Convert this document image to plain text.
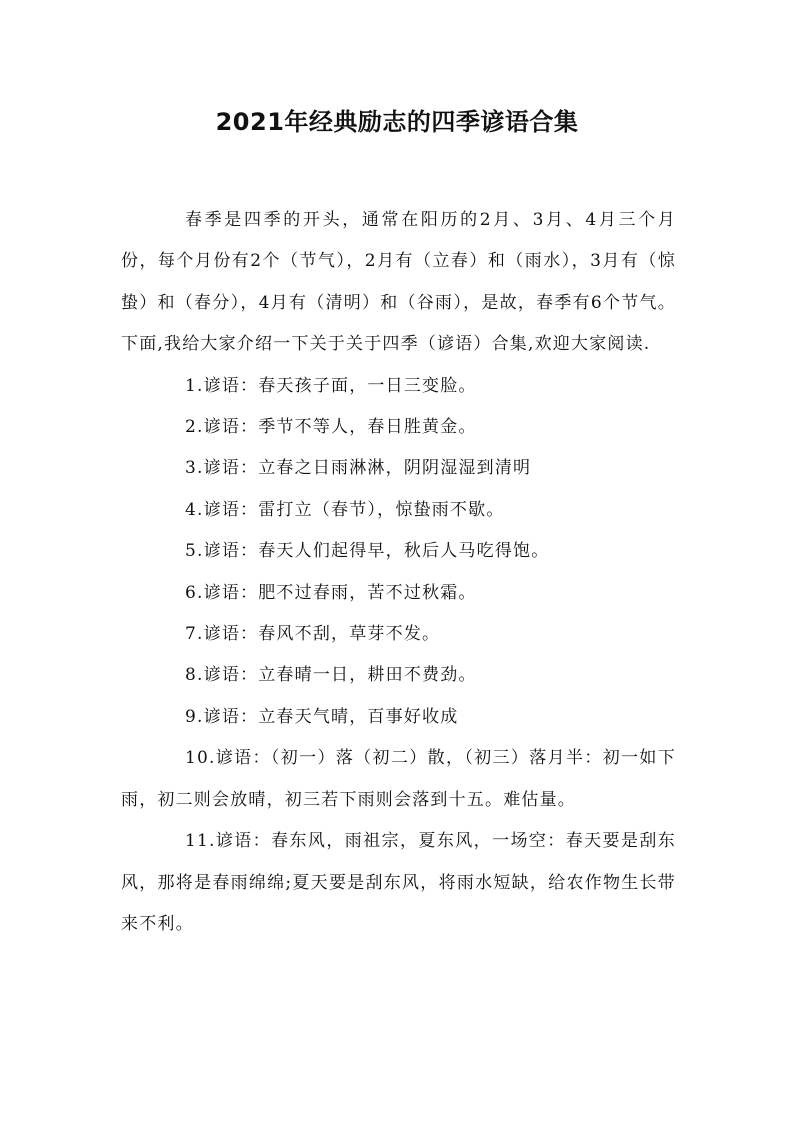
2021年经典励志的四季谚语合集

春季是四季的开头，通常在阳历的2月、3月、4月三个月份，每个月份有2个（节气），2月有（立春）和（雨水），3月有（惊蛰）和（春分），4月有（清明）和（谷雨），是故，春季有6个节气。下面,我给大家介绍一下关于关于四季（谚语）合集,欢迎大家阅读.

1.谚语：春天孩子面，一日三变脸。

2.谚语：季节不等人，春日胜黄金。

3.谚语：立春之日雨淋淋，阴阴湿湿到清明

4.谚语：雷打立（春节），惊蛰雨不歇。

5.谚语：春天人们起得早，秋后人马吃得饱。

6.谚语：肥不过春雨，苦不过秋霜。

7.谚语：春风不刮，草芽不发。

8.谚语：立春晴一日，耕田不费劲。

9.谚语：立春天气晴，百事好收成

10.谚语：（初一）落（初二）散，（初三）落月半：初一如下雨，初二则会放晴，初三若下雨则会落到十五。难估量。

11.谚语：春东风，雨祖宗，夏东风，一场空：春天要是刮东风，那将是春雨绵绵;夏天要是刮东风，将雨水短缺，给农作物生长带来不利。
